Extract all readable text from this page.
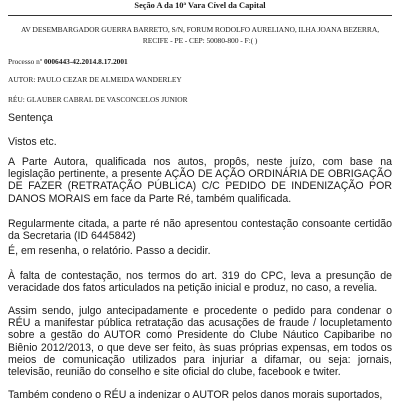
Seção A da 10ª Vara Cível da Capital
AV DESEMBARGADOR GUERRA BARRETO, S/N, FORUM RODOLFO AURELIANO, ILHA JOANA BEZERRA, RECIFE - PE - CEP: 50080-800 - F:( )
Processo nº 0006443-42.2014.8.17.2001
AUTOR: PAULO CEZAR DE ALMEIDA WANDERLEY
RÉU: GLAUBER CABRAL DE VASCONCELOS JUNIOR
Sentença
Vistos etc.
A Parte Autora, qualificada nos autos, propôs, neste juízo, com base na legislação pertinente, a presente AÇÃO DE AÇÃO ORDINÁRIA DE OBRIGAÇÃO DE FAZER (RETRATAÇÃO PÚBLICA) C/C PEDIDO DE INDENIZAÇÃO POR DANOS MORAIS em face da Parte Ré, também qualificada.
Regularmente citada, a parte ré não apresentou contestação consoante certidão da Secretaria (ID 6445842)
É, em resenha, o relatório. Passo a decidir.
À falta de contestação, nos termos do art. 319 do CPC, leva a presunção de veracidade dos fatos articulados na petição inicial e produz, no caso, a revelia.
Assim sendo, julgo antecipadamente e procedente o pedido para condenar o RÉU a manifestar pública retratação das acusações de fraude / locupletamento sobre a gestão do AUTOR como Presidente do Clube Náutico Capibaribe no Biênio 2012/2013, o que deve ser feito, às suas próprias expensas, em todos os meios de comunicação utilizados para injuriar a difamar, ou seja: jornais, televisão, reunião do conselho e site oficial do clube, facebook e twiter.
Também condeno o RÉU a indenizar o AUTOR pelos danos morais suportados,
